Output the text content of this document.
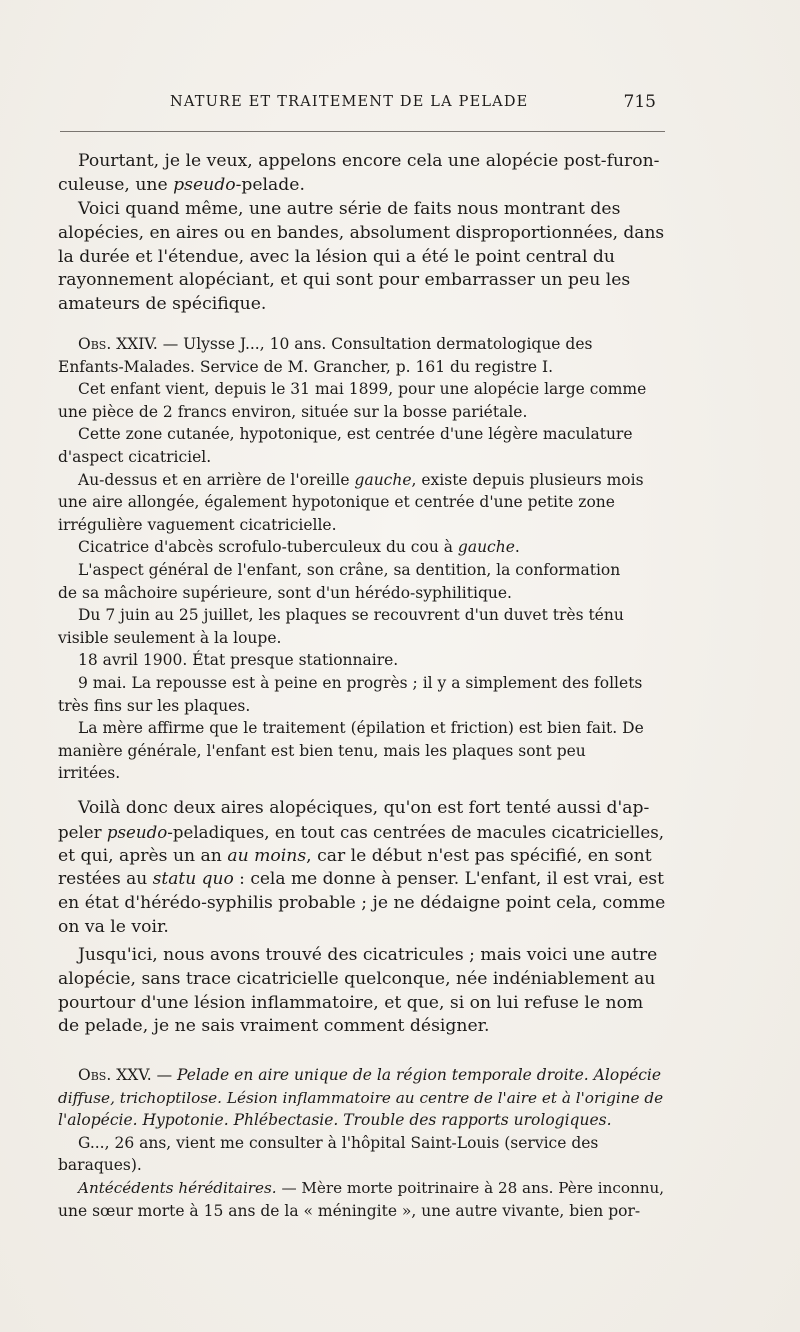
NATURE ET TRAITEMENT DE LA PELADE	715

Pourtant, je le veux, appelons encore cela une alopécie post-furon-
culeuse, une pseudo-pelade.

Voici quand même, une autre série de faits nous montrant des
alopécies, en aires ou en bandes, absolument disproportionnées, dans
la durée et l'étendue, avec la lésion qui a été le point central du
rayonnement alopéciant, et qui sont pour embarrasser un peu les
amateurs de spécifique.

Obs. XXIV. — Ulysse J..., 10 ans. Consultation dermatologique des
Enfants-Malades. Service de M. Grancher, p. 161 du registre I.
Cet enfant vient, depuis le 31 mai 1899, pour une alopécie large comme
une pièce de 2 francs environ, située sur la bosse pariétale.
Cette zone cutanée, hypotonique, est centrée d'une légère maculature
d'aspect cicatriciel.
Au-dessus et en arrière de l'oreille gauche, existe depuis plusieurs mois
une aire allongée, également hypotonique et centrée d'une petite zone
irrégulière vaguement cicatricielle.
Cicatrice d'abcès scrofulo-tuberculeux du cou à gauche.
L'aspect général de l'enfant, son crâne, sa dentition, la conformation
de sa mâchoire supérieure, sont d'un hérédo-syphilitique.
Du 7 juin au 25 juillet, les plaques se recouvrent d'un duvet très ténu
visible seulement à la loupe.
18 avril 1900. État presque stationnaire.
9 mai. La repousse est à peine en progrès ; il y a simplement des follets
très fins sur les plaques.
La mère affirme que le traitement (épilation et friction) est bien fait. De
manière générale, l'enfant est bien tenu, mais les plaques sont peu
irritées.

Voilà donc deux aires alopéciques, qu'on est fort tenté aussi d'ap-
peler pseudo-peladiques, en tout cas centrées de macules cicatricielles,
et qui, après un an au moins, car le début n'est pas spécifié, en sont
restées au statu quo : cela me donne à penser. L'enfant, il est vrai, est
en état d'hérédo-syphilis probable ; je ne dédaigne point cela, comme
on va le voir.

Jusqu'ici, nous avons trouvé des cicatricules ; mais voici une autre
alopécie, sans trace cicatricielle quelconque, née indéniablement au
pourtour d'une lésion inflammatoire, et que, si on lui refuse le nom
de pelade, je ne sais vraiment comment désigner.

Obs. XXV. — Pelade en aire unique de la région temporale droite. Alopécie
diffuse, trichoptilose. Lésion inflammatoire au centre de l'aire et à l'origine de
l'alopécie. Hypotonie. Phlébectasie. Trouble des rapports urologiques.
G..., 26 ans, vient me consulter à l'hôpital Saint-Louis (service des
baraques).
Antécédents héréditaires. — Mère morte poitrinaire à 28 ans. Père inconnu,
une sœur morte à 15 ans de la « méningite », une autre vivante, bien por-
